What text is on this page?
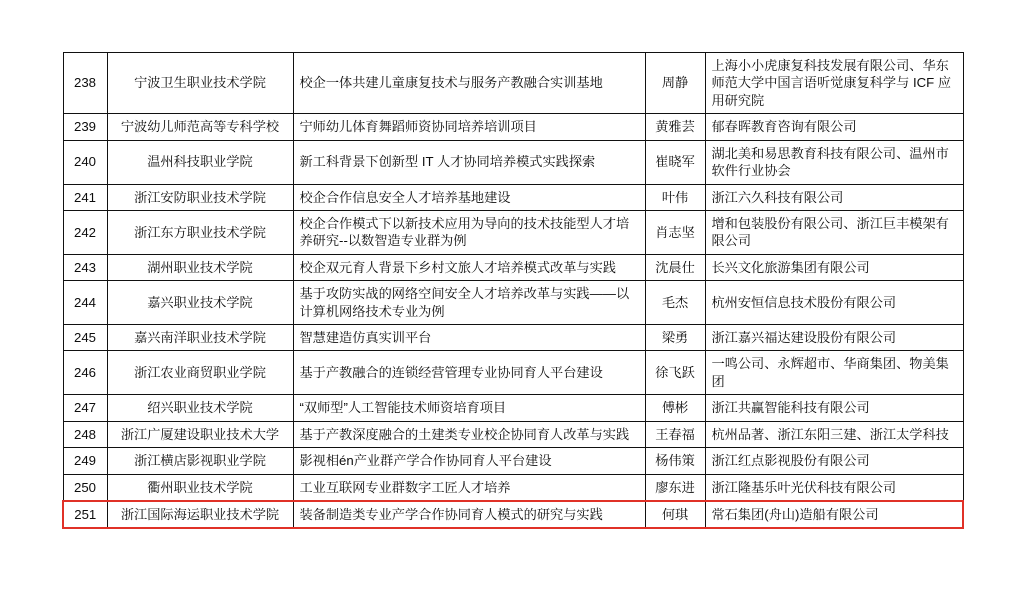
238	宁波卫生职业技术学院	校企一体共建儿童康复技术与服务产教融合实训基地	周静	上海小小虎康复科技发展有限公司、华东师范大学中国言语听觉康复科学与 ICF 应用研究院
239	宁波幼儿师范高等专科学校	宁师幼儿体育舞蹈师资协同培养培训项目	黄雅芸	郁春晖教育咨询有限公司
240	温州科技职业学院	新工科背景下创新型 IT 人才协同培养模式实践探索	崔晓军	湖北美和易思教育科技有限公司、温州市软件行业协会
241	浙江安防职业技术学院	校企合作信息安全人才培养基地建设	叶伟	浙江六久科技有限公司
242	浙江东方职业技术学院	校企合作模式下以新技术应用为导向的技术技能型人才培养研究--以数智造专业群为例	肖志坚	增和包装股份有限公司、浙江巨丰模架有限公司
243	湖州职业技术学院	校企双元育人背景下乡村文旅人才培养模式改革与实践	沈晨仕	长兴文化旅游集团有限公司
244	嘉兴职业技术学院	基于攻防实战的网络空间安全人才培养改革与实践——以计算机网络技术专业为例	毛杰	杭州安恒信息技术股份有限公司
245	嘉兴南洋职业技术学院	智慧建造仿真实训平台	梁勇	浙江嘉兴福达建设股份有限公司
246	浙江农业商贸职业学院	基于产教融合的连锁经营管理专业协同育人平台建设	徐飞跃	一鸣公司、永辉超市、华商集团、物美集团
247	绍兴职业技术学院	“双师型”人工智能技术师资培育项目	傅彬	浙江共赢智能科技有限公司
248	浙江广厦建设职业技术大学	基于产教深度融合的土建类专业校企协同育人改革与实践	王春福	杭州品著、浙江东阳三建、浙江太学科技
249	浙江横店影视职业学院	影视相én产业群产学合作协同育人平台建设	杨伟策	浙江红点影视股份有限公司
250	衢州职业技术学院	工业互联网专业群数字工匠人才培养	廖东进	浙江隆基乐叶光伏科技有限公司
251	浙江国际海运职业技术学院	装备制造类专业产学合作协同育人模式的研究与实践	何琪	常石集团(舟山)造船有限公司
